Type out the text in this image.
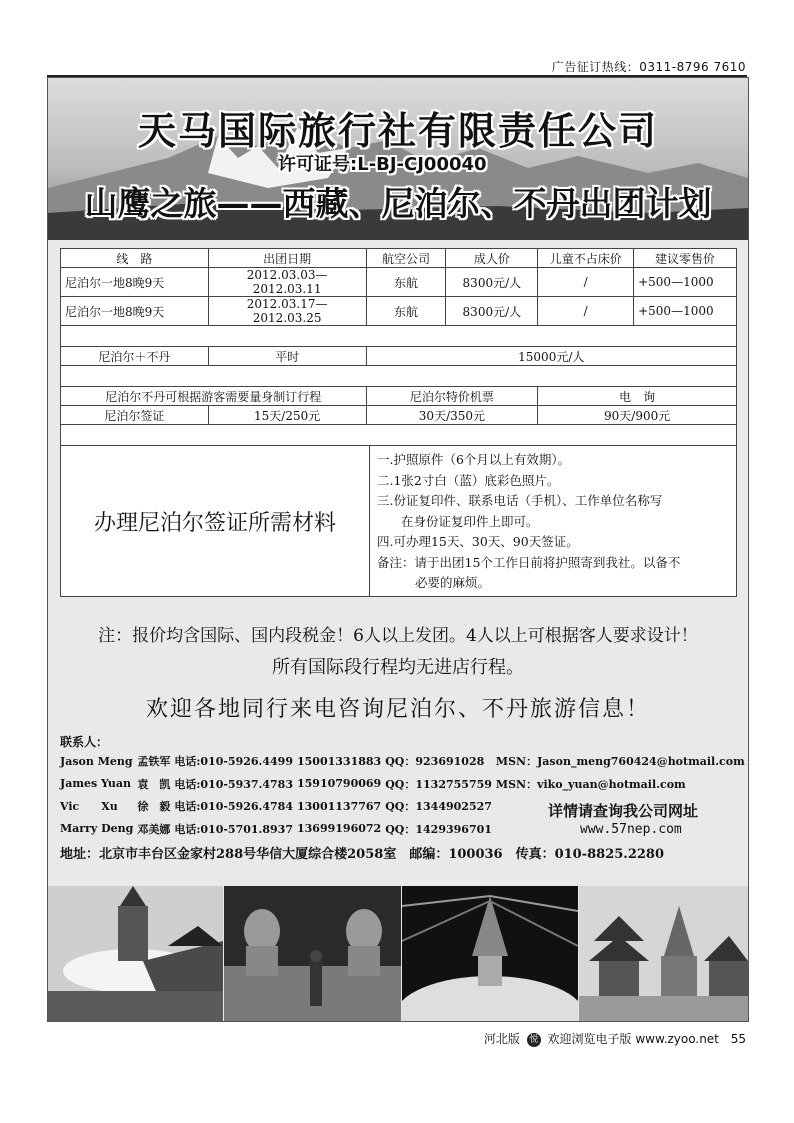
广告征订热线：0311-8796 7610
天马国际旅行社有限责任公司
许可证号:L-BJ-CJ00040
山鹰之旅——西藏、尼泊尔、不丹出团计划
线　路	出团日期	航空公司	成人价	儿童不占床价	建议零售价
尼泊尔一地8晚9天	2012.03.03—2012.03.11	东航	8300元/人	/	+500—1000
尼泊尔一地8晚9天	2012.03.17—2012.03.25	东航	8300元/人	/	+500—1000

尼泊尔＋不丹	平时	15000元/人			

尼泊尔不丹可根据游客需要量身制订行程		尼泊尔特价机票		电　询	
尼泊尔签证	15天/250元	30天/350元		90天/900元	

办理尼泊尔签证所需材料
一.护照原件（6个月以上有效期）。
二.1张2寸白（蓝）底彩色照片。
三.份证复印件、联系电话（手机）、工作单位名称写
在身份证复印件上即可。
四.可办理15天、30天、90天签证。
备注：请于出团15个工作日前将护照寄到我社。以备不
必要的麻烦。
注：报价均含国际、国内段税金！6人以上发团。4人以上可根据客人要求设计！
所有国际段行程均无进店行程。
欢迎各地同行来电咨询尼泊尔、不丹旅游信息！
联系人：					
Jason Meng	孟铁军	电话:010-5926.4499	15001331883	QQ：923691028	MSN：Jason_meng760424@hotmail.com
James Yuan	袁　凯	电话:010-5937.4783	15910790069	QQ：1132755759	MSN：viko_yuan@hotmail.com
Vic　　Xu	徐　毅	电话:010-5926.4784	13001137767	QQ：1344902527	
Marry Deng	邓美娜	电话:010-5701.8937	13699196072	QQ：1429396701	
详情请查询我公司网址
www.57nep.com
地址：北京市丰台区金家村288号华信大厦综合楼2058室　邮编：100036　传真：010-8825.2280
河北版 悦 欢迎浏览电子版 www.zyoo.net 55
